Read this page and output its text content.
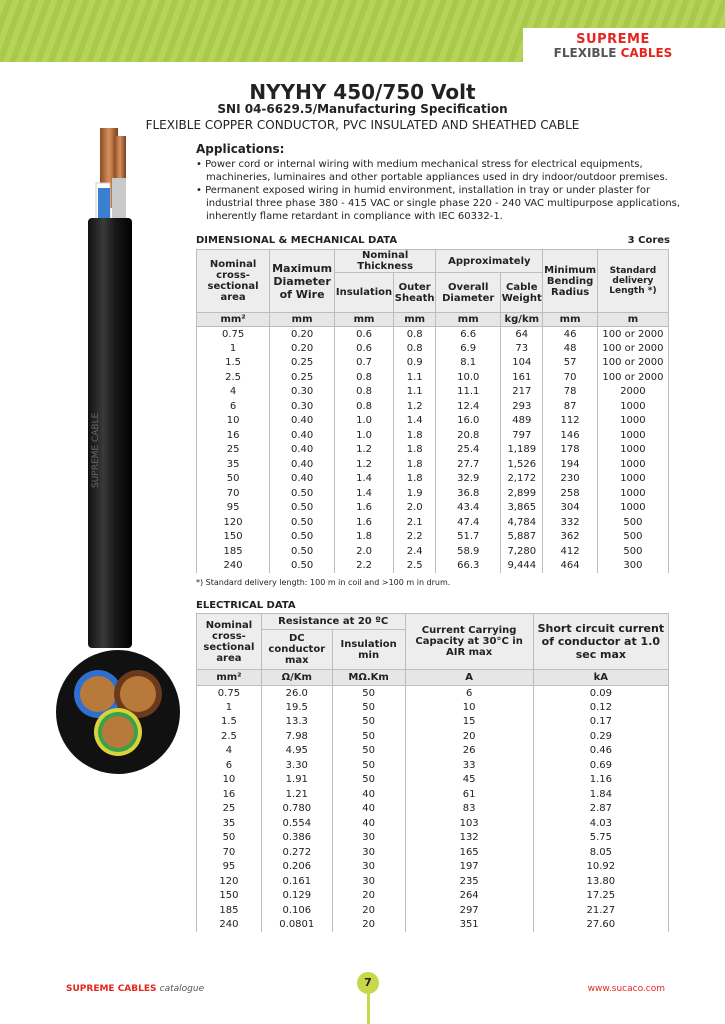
SUPREME
FLEXIBLE CABLES
NYYHY 450/750 Volt
SNI 04-6629.5/Manufacturing Specification
FLEXIBLE COPPER CONDUCTOR, PVC INSULATED AND SHEATHED CABLE
Applications:

• Power cord or internal wiring with medium mechanical stress for electrical equipments, machineries, luminaires and other portable appliances used in dry indoor/outdoor premises.

• Permanent exposed wiring in humid environment, installation in tray or under plaster for industrial three phase 380 - 415 VAC or single phase 220 - 240 VAC multipurpose applications, inherently flame retardant in compliance with IEC 60332-1.

SUPREME CABLE
DIMENSIONAL & MECHANICAL DATA	3 Cores
Nominal cross-sectional area	Maximum Diameter of Wire	Nominal Thickness		Approximately		Minimum Bending Radius	Standard delivery Length *)
		Insulation	Outer Sheath	Overall Diameter	Cable Weight		
mm²	mm	mm	mm	mm	kg/km	mm	m
0.75	0.20	0.6	0.8	6.6	64	46	100 or 2000
1	0.20	0.6	0.8	6.9	73	48	100 or 2000
1.5	0.25	0.7	0.9	8.1	104	57	100 or 2000
2.5	0.25	0.8	1.1	10.0	161	70	100 or 2000
4	0.30	0.8	1.1	11.1	217	78	2000
6	0.30	0.8	1.2	12.4	293	87	1000
10	0.40	1.0	1.4	16.0	489	112	1000
16	0.40	1.0	1.8	20.8	797	146	1000
25	0.40	1.2	1.8	25.4	1,189	178	1000
35	0.40	1.2	1.8	27.7	1,526	194	1000
50	0.40	1.4	1.8	32.9	2,172	230	1000
70	0.50	1.4	1.9	36.8	2,899	258	1000
95	0.50	1.6	2.0	43.4	3,865	304	1000
120	0.50	1.6	2.1	47.4	4,784	332	500
150	0.50	1.8	2.2	51.7	5,887	362	500
185	0.50	2.0	2.4	58.9	7,280	412	500
240	0.50	2.2	2.5	66.3	9,444	464	300
*) Standard delivery length: 100 m in coil and >100 m in drum.
ELECTRICAL DATA
Nominal cross-sectional area	Resistance at 20 ºC		Current Carrying Capacity at 30°C in AIR max	Short circuit current of conductor at 1.0 sec max
	DC conductor max	Insulation min		
mm²	Ω/Km	MΩ.Km	A	kA
0.75	26.0	50	6	0.09
1	19.5	50	10	0.12
1.5	13.3	50	15	0.17
2.5	7.98	50	20	0.29
4	4.95	50	26	0.46
6	3.30	50	33	0.69
10	1.91	50	45	1.16
16	1.21	40	61	1.84
25	0.780	40	83	2.87
35	0.554	40	103	4.03
50	0.386	30	132	5.75
70	0.272	30	165	8.05
95	0.206	30	197	10.92
120	0.161	30	235	13.80
150	0.129	20	264	17.25
185	0.106	20	297	21.27
240	0.0801	20	351	27.60
SUPREME CABLES catalogue	7	www.sucaco.com
